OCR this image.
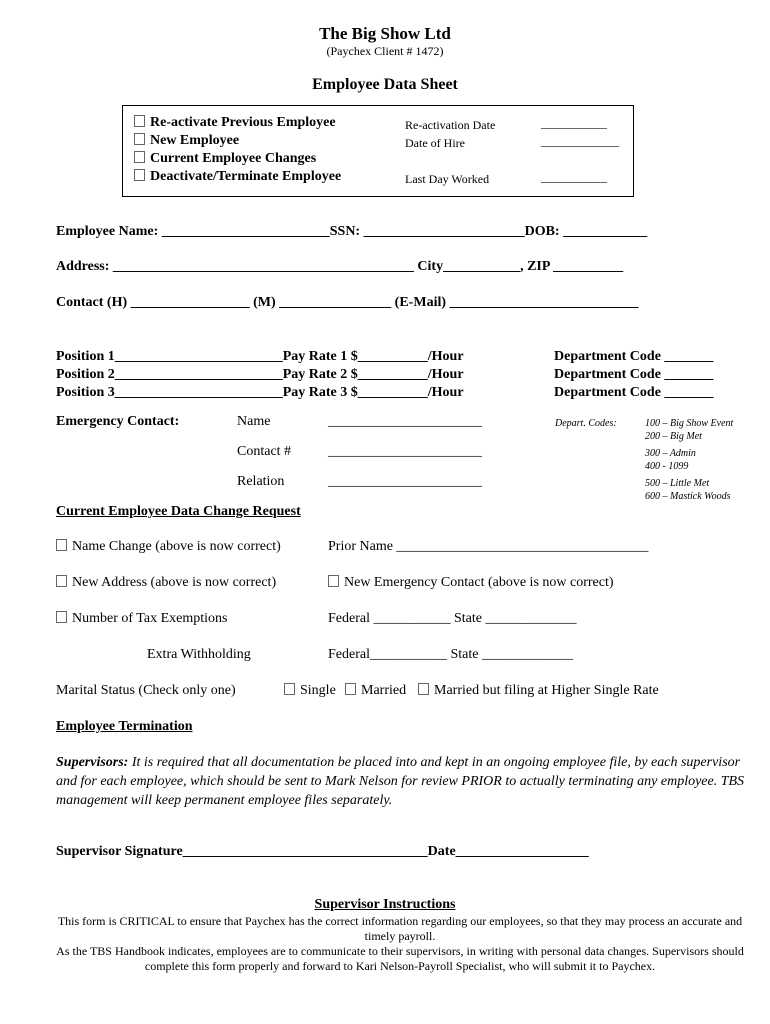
The Big Show Ltd
(Paychex Client # 1472)
Employee Data Sheet
Re-activate Previous Employee
New Employee
Current Employee Changes
Deactivate/Terminate Employee
Re-activation Date	___________
Date of Hire	_____________
Last Day Worked	___________
Employee Name: ________________________SSN: _______________________DOB: ____________
Address: ___________________________________________ City___________, ZIP __________
Contact (H) _________________ (M) ________________ (E-Mail) ___________________________
Position 1________________________Pay Rate 1 $__________/Hour	Department Code _______
Position 2________________________Pay Rate 2 $__________/Hour	Department Code _______
Position 3________________________Pay Rate 3 $__________/Hour	Department Code _______
Emergency Contact:	Name	______________________
Contact #	______________________
Relation	______________________
Depart. Codes:	100 – Big Show Event
200 – Big Met
300 – Admin
400 - 1099
500 – Little Met
600 – Mastick Woods
Current Employee Data Change Request
Name Change (above is now correct)	Prior Name ____________________________________
New Address (above is now correct)	New Emergency Contact (above is now correct)
Number of Tax Exemptions	Federal ___________ State _____________
Extra Withholding	Federal___________ State _____________
Marital Status (Check only one)	Single	Married	Married but filing at Higher Single Rate
Employee Termination
Supervisors: It is required that all documentation be placed into and kept in an ongoing employee file, by each supervisor and for each employee, which should be sent to Mark Nelson for review PRIOR to actually terminating any employee. TBS management will keep permanent employee files separately.
Supervisor Signature___________________________________Date___________________
Supervisor Instructions
This form is CRITICAL to ensure that Paychex has the correct information regarding our employees, so that they may process an accurate and timely payroll.
As the TBS Handbook indicates, employees are to communicate to their supervisors, in writing with personal data changes. Supervisors should complete this form properly and forward to Kari Nelson-Payroll Specialist, who will submit it to Paychex.
